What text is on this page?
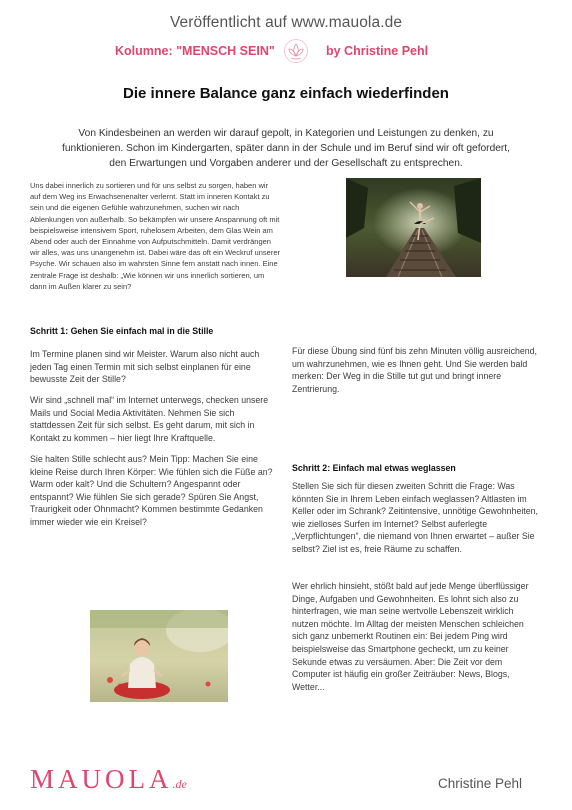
Veröffentlicht auf www.mauola.de
Kolumne: "MENSCH SEIN"	by Christine Pehl
Die innere Balance ganz einfach wiederfinden
Von Kindesbeinen an werden wir darauf gepolt, in Kategorien und Leistungen zu denken, zu funktionieren. Schon im Kindergarten, später dann in der Schule und im Beruf sind wir oft gefordert, den Erwartungen und Vorgaben anderer und der Gesellschaft zu entsprechen.
Uns dabei innerlich zu sortieren und für uns selbst zu sorgen, haben wir auf dem Weg ins Erwachsenenalter verlernt. Statt im inneren Kontakt zu sein und die eigenen Gefühle wahrzunehmen, suchen wir nach Ablenkungen von außerhalb. So bekämpfen wir unsere Anspannung oft mit beispielsweise intensivem Sport, ruhelosem Arbeiten, dem Glas Wein am Abend oder auch der Einnahme von Aufputschmitteln. Damit verdrängen wir alles, was uns unangenehm ist. Dabei wäre das oft ein Weckruf unserer Psyche. Wir schauen also im wahrsten Sinne fern anstatt nach innen. Eine zentrale Frage ist deshalb: „Wie können wir uns innerlich sortieren, um dann im Außen klarer zu sein?
Schritt 1: Gehen Sie einfach mal in die Stille

Im Termine planen sind wir Meister. Warum also nicht auch jeden Tag einen Termin mit sich selbst einplanen für eine bewusste Zeit der Stille?

Wir sind „schnell mal“ im Internet unterwegs, checken unsere Mails und Social Media Aktivitäten. Nehmen Sie sich stattdessen Zeit für sich selbst. Es geht darum, mit sich in Kontakt zu kommen – hier liegt Ihre Kraftquelle.

Sie halten Stille schlecht aus? Mein Tipp: Machen Sie eine kleine Reise durch Ihren Körper: Wie fühlen sich die Füße an? Warm oder kalt? Und die Schultern? Angespannt oder entspannt? Wie fühlen Sie sich gerade? Spüren Sie Angst, Traurigkeit oder Ohnmacht? Kommen bestimmte Gedanken immer wieder wie ein Kreisel?

Für diese Übung sind fünf bis zehn Minuten völlig ausreichend, um wahrzunehmen, wie es Ihnen geht. Und Sie werden bald merken: Der Weg in die Stille tut gut und bringt innere Zentrierung.

Schritt 2: Einfach mal etwas weglassen

Stellen Sie sich für diesen zweiten Schritt die Frage: Was könnten Sie in Ihrem Leben einfach weglassen? Altlasten im Keller oder im Schrank? Zeitintensive, unnötige Gewohnheiten, wie zielloses Surfen im Internet? Selbst auferlegte „Verpflichtungen“, die niemand von Ihnen erwartet – außer Sie selbst? Ziel ist es, freie Räume zu schaffen.

Wer ehrlich hinsieht, stößt bald auf jede Menge überflüssiger Dinge, Aufgaben und Gewohnheiten. Es lohnt sich also zu hinterfragen, wie man seine wertvolle Lebenszeit wirklich nutzen möchte. Im Alltag der meisten Menschen schleichen sich ganz unbemerkt Routinen ein: Bei jedem Ping wird beispielsweise das Smartphone gecheckt, um zu keiner Sekunde etwas zu versäumen. Aber: Die Zeit vor dem Computer ist häufig ein großer Zeiträuber: News, Blogs, Wetter...

MAUOLA.de	Christine Pehl
